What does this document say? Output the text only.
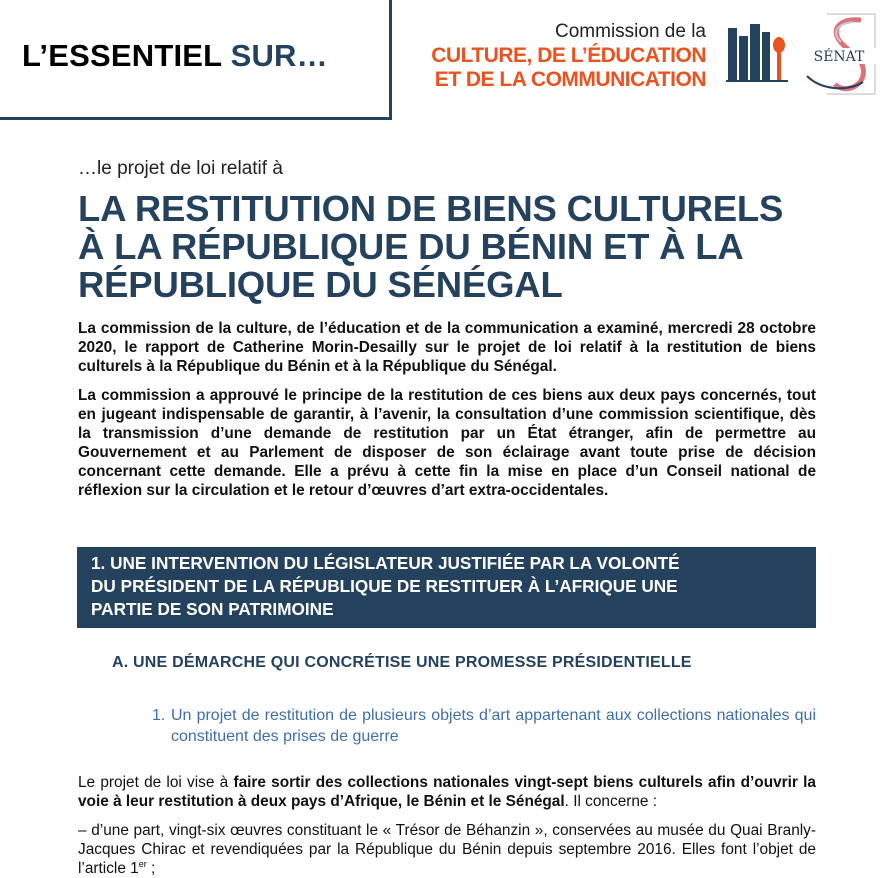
L’ESSENTIEL SUR…
Commission de la
CULTURE, DE L’ÉDUCATION
ET DE LA COMMUNICATION
SÉNAT
…le projet de loi relatif à
LA RESTITUTION DE BIENS CULTURELS
À LA RÉPUBLIQUE DU BÉNIN ET À LA
RÉPUBLIQUE DU SÉNÉGAL

La commission de la culture, de l’éducation et de la communication a examiné, mercredi 28 octobre 2020, le rapport de Catherine Morin-Desailly sur le projet de loi relatif à la restitution de biens culturels à la République du Bénin et à la République du Sénégal.

La commission a approuvé le principe de la restitution de ces biens aux deux pays concernés, tout en jugeant indispensable de garantir, à l’avenir, la consultation d’une commission scientifique, dès la transmission d’une demande de restitution par un État étranger, afin de permettre au Gouvernement et au Parlement de disposer de son éclairage avant toute prise de décision concernant cette demande. Elle a prévu à cette fin la mise en place d’un Conseil national de réflexion sur la circulation et le retour d’œuvres d’art extra-occidentales.

1. UNE INTERVENTION DU LÉGISLATEUR JUSTIFIÉE PAR LA VOLONTÉ
DU PRÉSIDENT DE LA RÉPUBLIQUE DE RESTITUER À L’AFRIQUE UNE
PARTIE DE SON PATRIMOINE
A. UNE DÉMARCHE QUI CONCRÉTISE UNE PROMESSE PRÉSIDENTIELLE
1. Un projet de restitution de plusieurs objets d’art appartenant aux collections nationales qui constituent des prises de guerre

Le projet de loi vise à faire sortir des collections nationales vingt-sept biens culturels afin d’ouvrir la voie à leur restitution à deux pays d’Afrique, le Bénin et le Sénégal. Il concerne :

– d’une part, vingt-six œuvres constituant le « Trésor de Béhanzin », conservées au musée du Quai Branly-Jacques Chirac et revendiquées par la République du Bénin depuis septembre 2016. Elles font l’objet de l’article 1er ;
